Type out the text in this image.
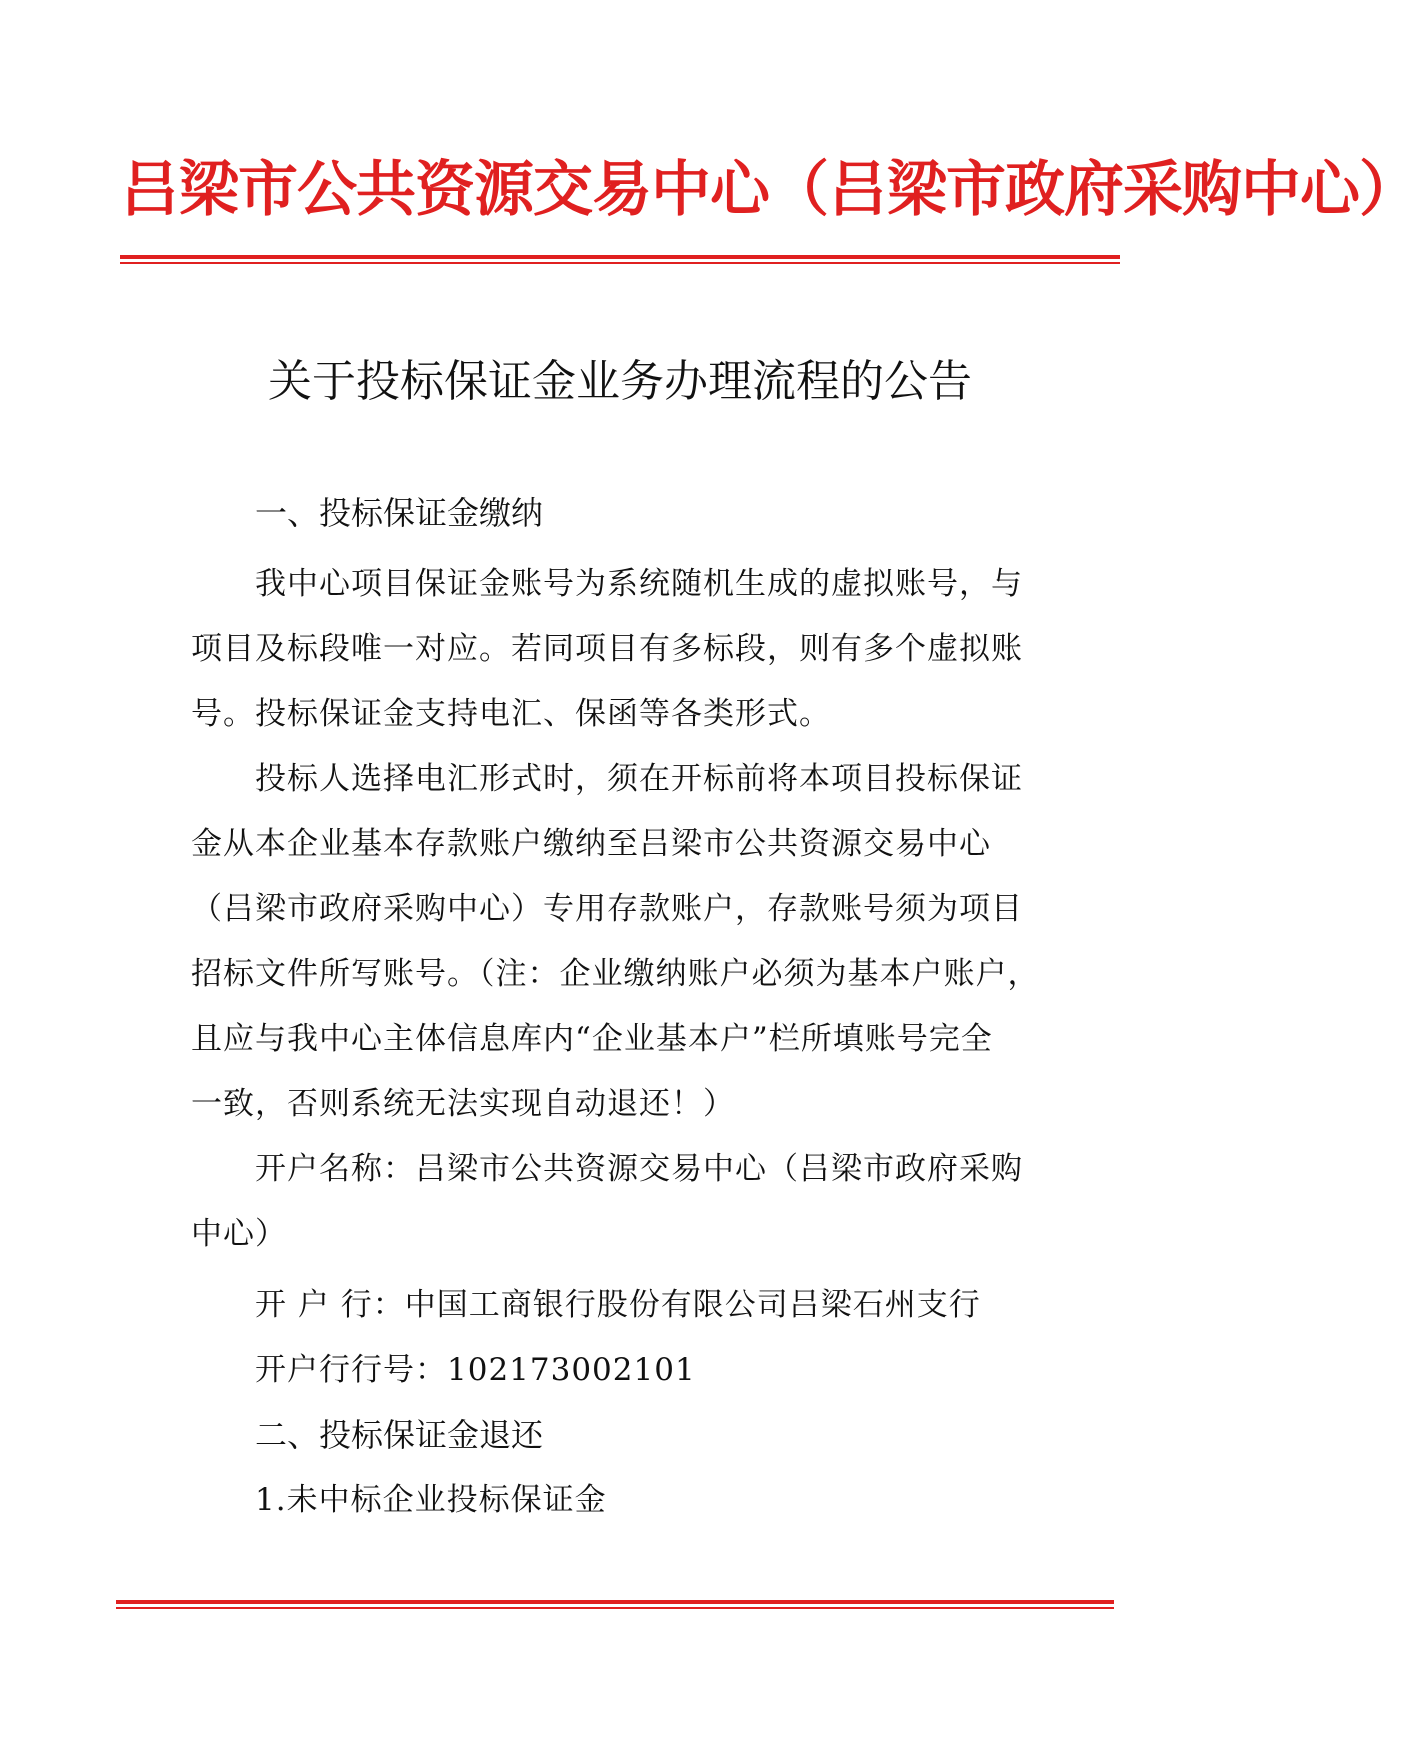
吕梁市公共资源交易中心（吕梁市政府采购中心）
关于投标保证金业务办理流程的公告
一、投标保证金缴纳
我中心项目保证金账号为系统随机生成的虚拟账号，与
项目及标段唯一对应。若同项目有多标段，则有多个虚拟账
号。投标保证金支持电汇、保函等各类形式。
投标人选择电汇形式时，须在开标前将本项目投标保证
金从本企业基本存款账户缴纳至吕梁市公共资源交易中心
（吕梁市政府采购中心）专用存款账户，存款账号须为项目
招标文件所写账号。（注：企业缴纳账户必须为基本户账户，
且应与我中心主体信息库内“企业基本户”栏所填账号完全
一致，否则系统无法实现自动退还！）
开户名称：吕梁市公共资源交易中心（吕梁市政府采购
中心）
开 户 行：中国工商银行股份有限公司吕梁石州支行
开户行行号：102173002101
二、投标保证金退还
1.未中标企业投标保证金
